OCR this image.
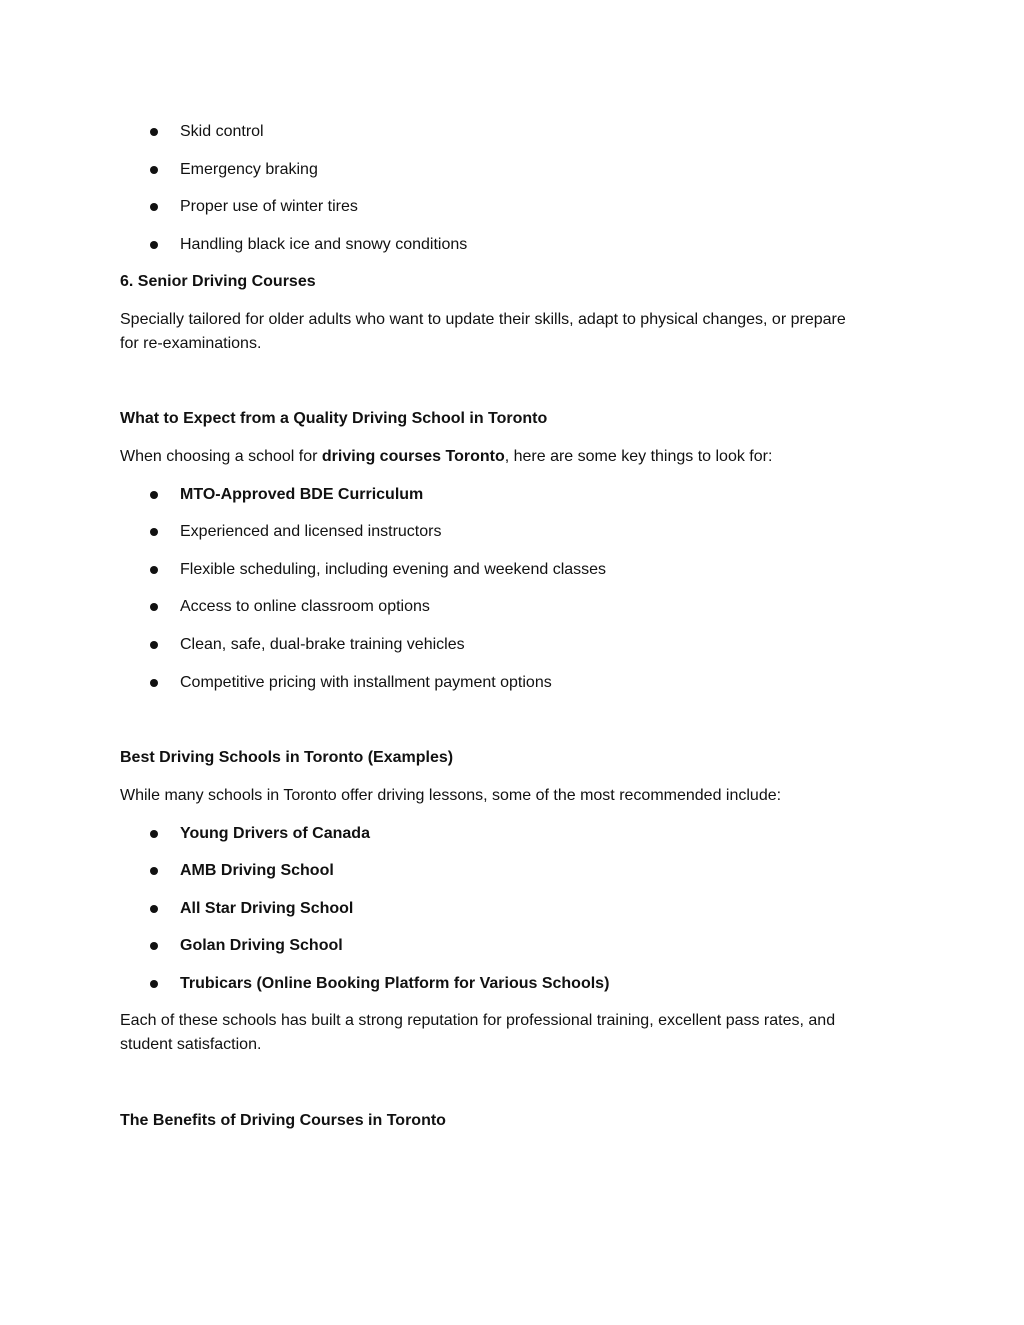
Skid control
Emergency braking
Proper use of winter tires
Handling black ice and snowy conditions
6. Senior Driving Courses
Specially tailored for older adults who want to update their skills, adapt to physical changes, or prepare
for re-examinations.
What to Expect from a Quality Driving School in Toronto
When choosing a school for driving courses Toronto, here are some key things to look for:
MTO-Approved BDE Curriculum
Experienced and licensed instructors
Flexible scheduling, including evening and weekend classes
Access to online classroom options
Clean, safe, dual-brake training vehicles
Competitive pricing with installment payment options
Best Driving Schools in Toronto (Examples)
While many schools in Toronto offer driving lessons, some of the most recommended include:
Young Drivers of Canada
AMB Driving School
All Star Driving School
Golan Driving School
Trubicars (Online Booking Platform for Various Schools)
Each of these schools has built a strong reputation for professional training, excellent pass rates, and
student satisfaction.
The Benefits of Driving Courses in Toronto
